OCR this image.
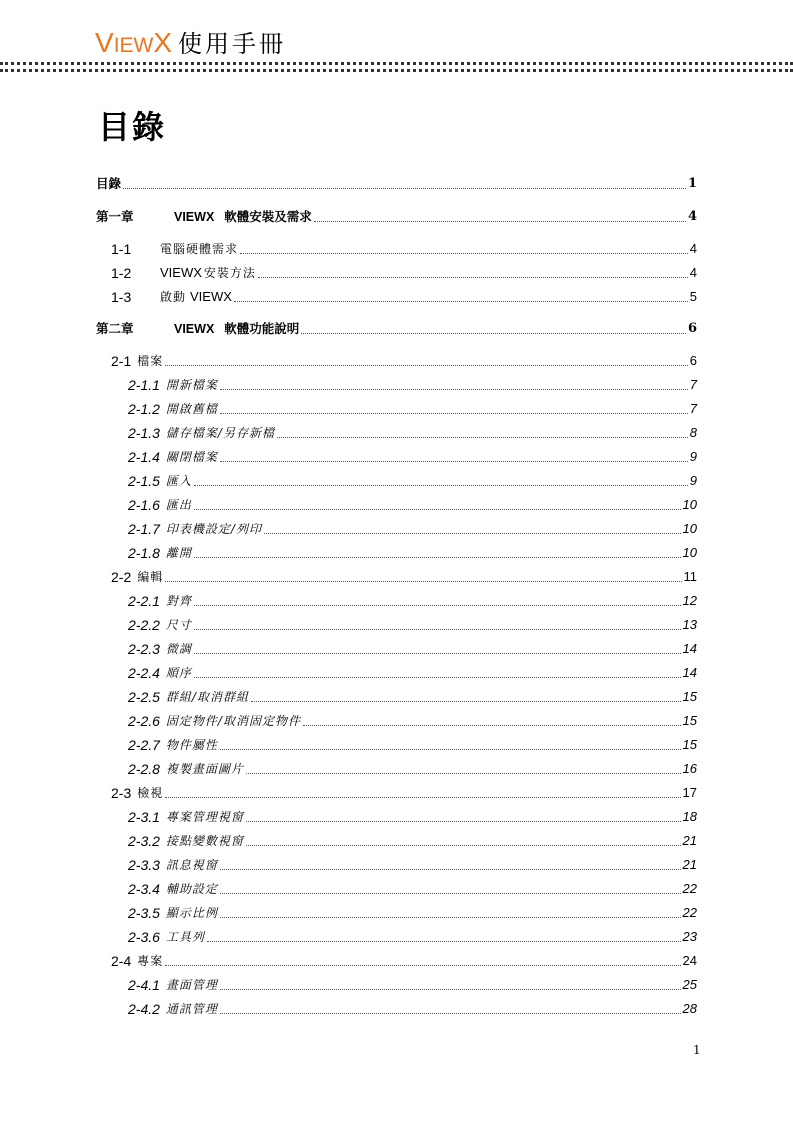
VIEWX 使用手冊
目錄
目錄	1
第一章	VIEWX 軟體安裝及需求	4
1-1	電腦硬體需求	4
1-2	VIEWX 安裝方法	4
1-3	啟動 VIEWX	5
第二章	VIEWX 軟體功能說明	6
2-1 檔案	6
2-1.1 開新檔案	7
2-1.2 開啟舊檔	7
2-1.3 儲存檔案/另存新檔	8
2-1.4 關閉檔案	9
2-1.5 匯入	9
2-1.6 匯出	10
2-1.7 印表機設定/列印	10
2-1.8 離開	10
2-2 編輯	11
2-2.1 對齊	12
2-2.2 尺寸	13
2-2.3 微調	14
2-2.4 順序	14
2-2.5 群組/取消群組	15
2-2.6 固定物件/取消固定物件	15
2-2.7 物件屬性	15
2-2.8 複製畫面圖片	16
2-3 檢視	17
2-3.1 專案管理視窗	18
2-3.2 接點變數視窗	21
2-3.3 訊息視窗	21
2-3.4 輔助設定	22
2-3.5 顯示比例	22
2-3.6 工具列	23
2-4 專案	24
2-4.1 畫面管理	25
2-4.2 通訊管理	28
1
